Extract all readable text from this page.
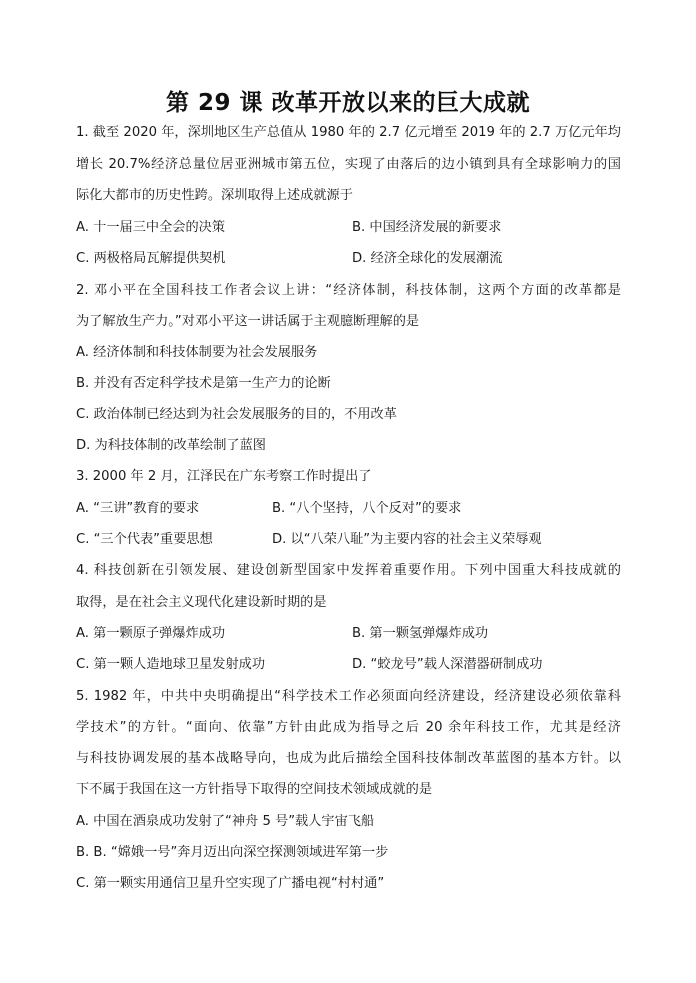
第 29 课 改革开放以来的巨大成就
1. 截至 2020 年，深圳地区生产总值从 1980 年的 2.7 亿元增至 2019 年的 2.7 万亿元年均
增长 20.7%经济总量位居亚洲城市第五位，实现了由落后的边小镇到具有全球影响力的国
际化大都市的历史性跨。深圳取得上述成就源于
A. 十一届三中全会的决策	B. 中国经济发展的新要求
C. 两极格局瓦解提供契机	D. 经济全球化的发展潮流
2. 邓小平在全国科技工作者会议上讲：“经济体制，科技体制，这两个方面的改革都是
为了解放生产力。”对邓小平这一讲话属于主观臆断理解的是
A. 经济体制和科技体制要为社会发展服务
B. 并没有否定科学技术是第一生产力的论断
C. 政治体制已经达到为社会发展服务的目的，不用改革
D. 为科技体制的改革绘制了蓝图
3. 2000 年 2 月，江泽民在广东考察工作时提出了
A. “三讲”教育的要求	B. “八个坚持，八个反对”的要求
C. “三个代表”重要思想	D. 以“八荣八耻”为主要内容的社会主义荣辱观
4. 科技创新在引领发展、建设创新型国家中发挥着重要作用。下列中国重大科技成就的
取得，是在社会主义现代化建设新时期的是
A. 第一颗原子弹爆炸成功	B. 第一颗氢弹爆炸成功
C. 第一颗人造地球卫星发射成功	D. “蛟龙号”载人深潜器研制成功
5. 1982 年，中共中央明确提出“科学技术工作必须面向经济建设，经济建设必须依靠科
学技术”的方针。“面向、依靠”方针由此成为指导之后 20 余年科技工作，尤其是经济
与科技协调发展的基本战略导向，也成为此后描绘全国科技体制改革蓝图的基本方针。以
下不属于我国在这一方针指导下取得的空间技术领域成就的是
A. 中国在酒泉成功发射了“神舟 5 号”载人宇宙飞船
B. B. “嫦娥一号”奔月迈出向深空探测领域进军第一步
C. 第一颗实用通信卫星升空实现了广播电视“村村通”
